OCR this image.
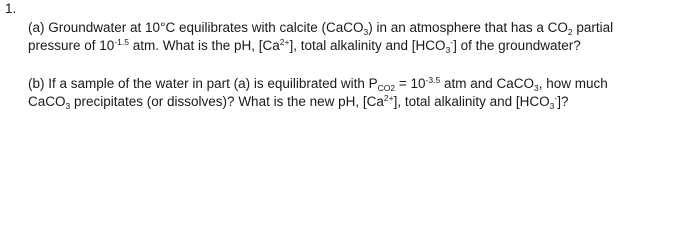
1.
(a) Groundwater at 10°C equilibrates with calcite (CaCO$_3$) in an atmosphere that has a $CO_2$ partial
pressure of $10^{-1.5}$ atm. What is the pH, $[Ca^{2+}]$, total alkalinity and $[HCO_3^-]$ of the groundwater?
(b) If a sample of the water in part (a) is equilibrated with $P_{CO2} = 10^{-3.5}$ atm and CaCO$_3$, how much
CaCO$_3$ precipitates (or dissolves)? What is the new pH, $[Ca^{2+}]$, total alkalinity and $[HCO_3^-]$?
